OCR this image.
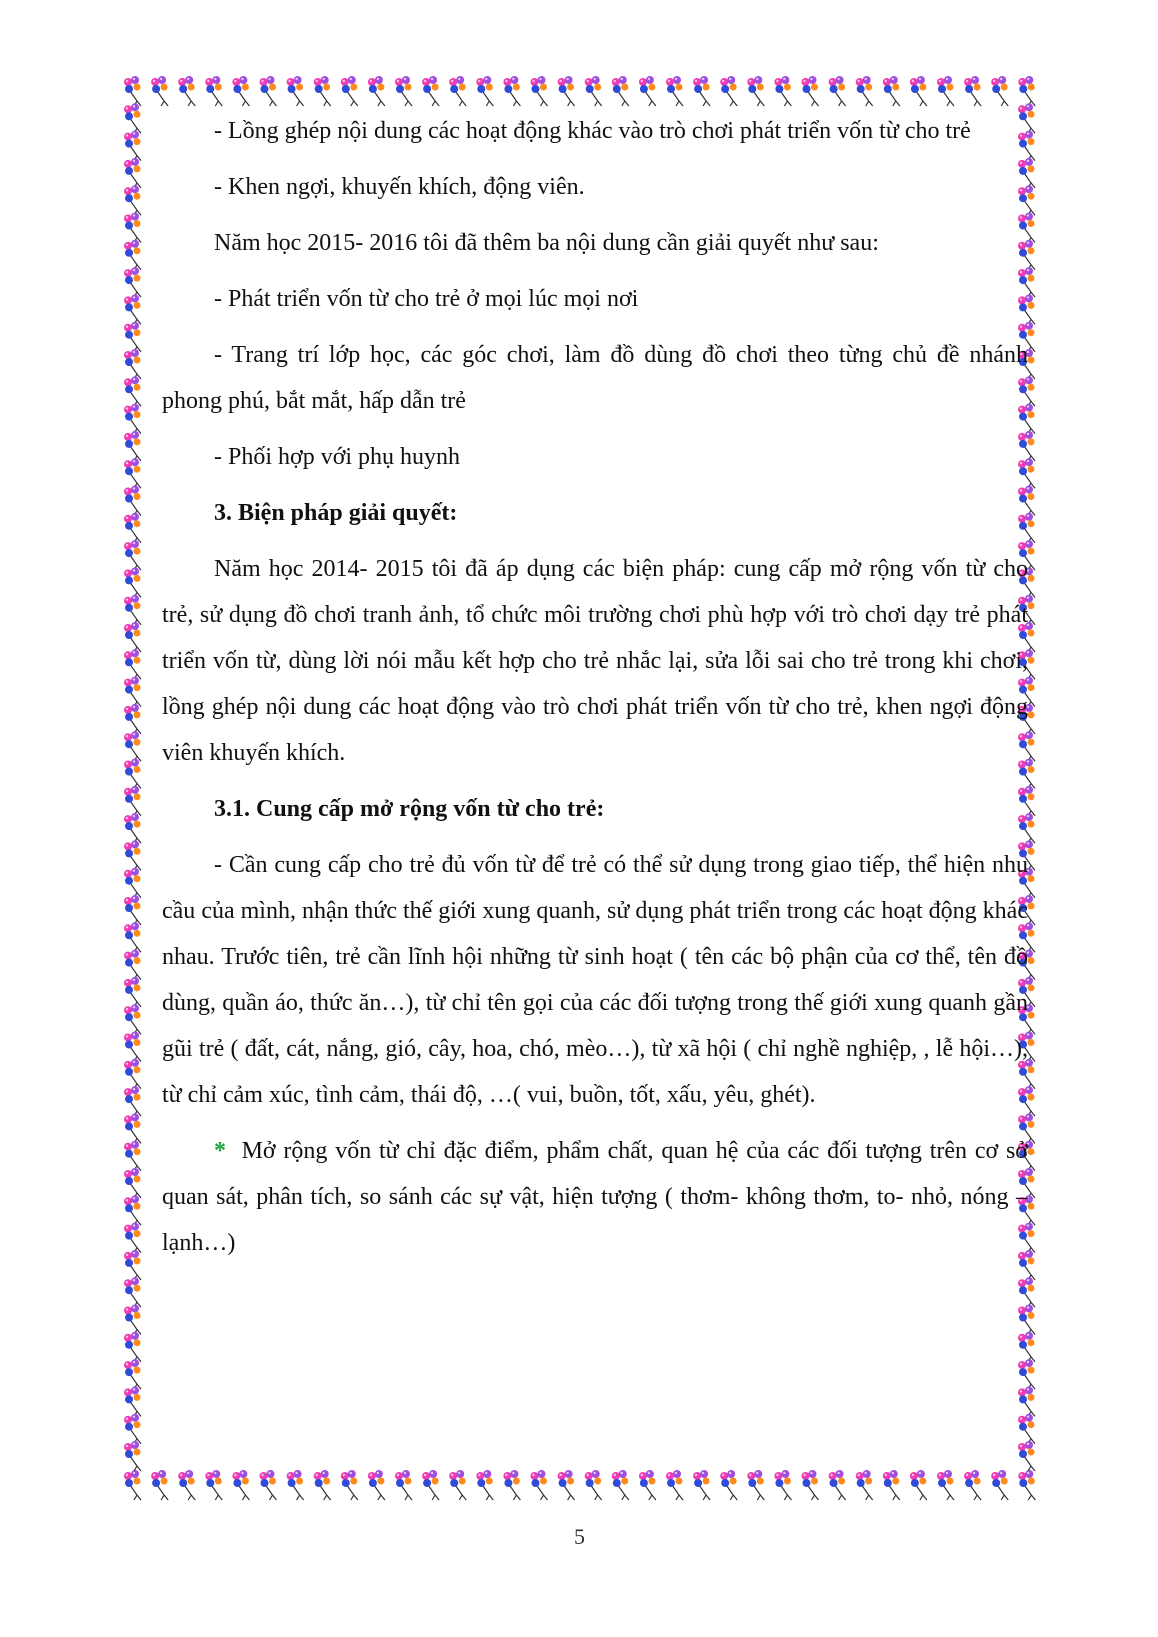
- Lồng ghép nội dung các hoạt động khác vào trò chơi phát triển vốn từ cho trẻ

- Khen ngợi, khuyến khích, động viên.

Năm học 2015- 2016 tôi đã thêm ba nội dung cần giải quyết như sau:

- Phát triển vốn từ cho trẻ ở mọi lúc mọi nơi

- Trang trí lớp học, các góc chơi, làm đồ dùng đồ chơi theo từng chủ đề nhánh phong phú, bắt mắt, hấp dẫn trẻ

- Phối hợp với phụ huynh

3. Biện pháp giải quyết:

Năm học 2014- 2015 tôi đã áp dụng các biện pháp: cung cấp mở rộng vốn từ cho trẻ, sử dụng đồ chơi tranh ảnh, tổ chức môi trường chơi phù hợp với trò chơi dạy trẻ phát triển vốn từ, dùng lời nói mẫu kết hợp cho trẻ nhắc lại, sửa lỗi sai cho trẻ trong khi chơi, lồng ghép nội dung các hoạt động vào trò chơi phát triển vốn từ cho trẻ, khen ngợi động viên khuyến khích.

3.1. Cung cấp mở rộng vốn từ cho trẻ:

- Cần cung cấp cho trẻ đủ vốn từ để trẻ có thể sử dụng trong giao tiếp, thể hiện nhu cầu của mình, nhận thức thế giới xung quanh, sử dụng phát triển trong các hoạt động khác nhau. Trước tiên, trẻ cần lĩnh hội những từ sinh hoạt ( tên các bộ phận của cơ thể, tên đồ dùng, quần áo, thức ăn…), từ chỉ tên gọi của các đối tượng trong thế giới xung quanh gần gũi trẻ ( đất, cát, nắng, gió, cây, hoa, chó, mèo…), từ xã hội ( chỉ nghề nghiệp, , lễ hội…), từ chỉ cảm xúc, tình cảm, thái độ, …( vui, buồn, tốt, xấu, yêu, ghét).

* Mở rộng vốn từ chỉ đặc điểm, phẩm chất, quan hệ của các đối tượng trên cơ sở quan sát, phân tích, so sánh các sự vật, hiện tượng ( thơm- không thơm, to- nhỏ, nóng – lạnh…)

5
